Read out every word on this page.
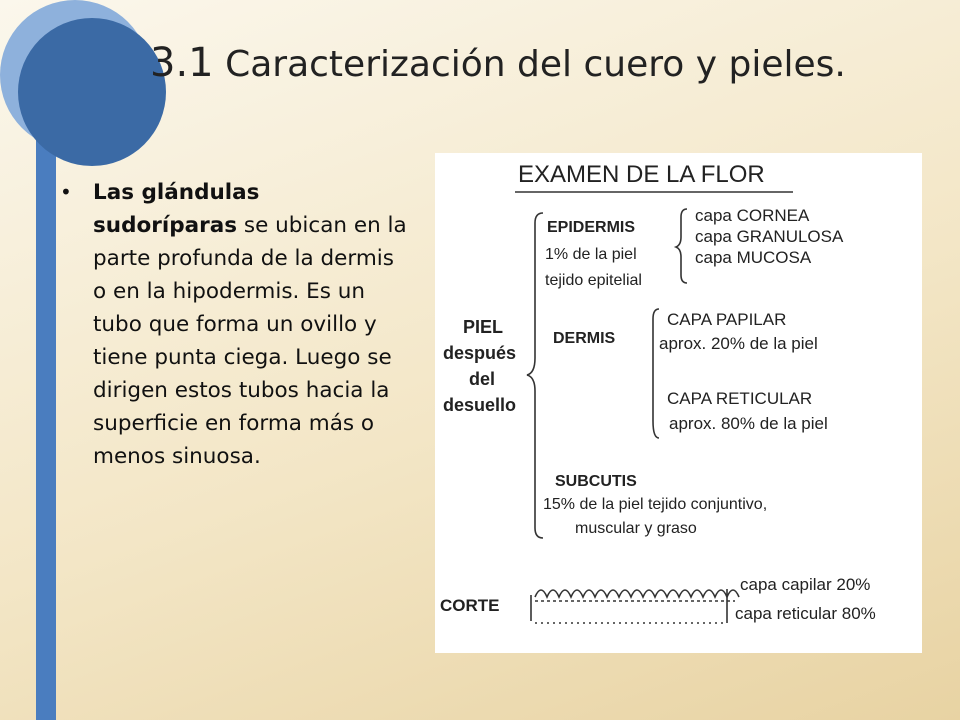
3.1 Caracterización del cuero y pieles.
• Las glándulas sudoríparas se ubican en la parte profunda de la dermis o en la hipodermis. Es un tubo que forma un ovillo y tiene punta ciega. Luego se dirigen estos tubos hacia la superficie en forma más o menos sinuosa.
EXAMEN DE LA FLOR
PIEL
después
del
desuello
EPIDERMIS
1% de la piel
tejido epitelial
capa CORNEA
capa GRANULOSA
capa MUCOSA
DERMIS
CAPA PAPILAR
aprox. 20% de la piel
CAPA RETICULAR
aprox. 80% de la piel
SUBCUTIS
15% de la piel tejido conjuntivo,
muscular y graso
CORTE
capa capilar 20%
capa reticular 80%
